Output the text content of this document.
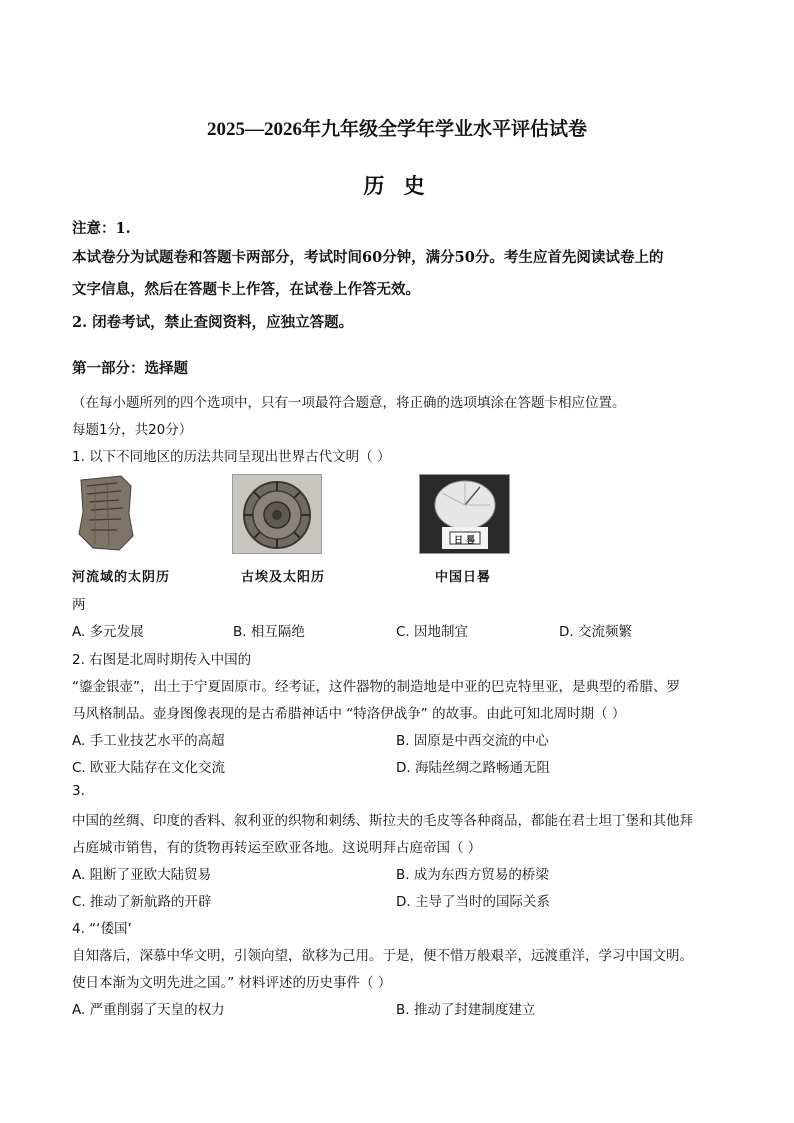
2025—2026年九年级全学年学业水平评估试卷
历 史
注意：1.
本试卷分为试题卷和答题卡两部分，考试时间60分钟，满分50分。考生应首先阅读试卷上的
文字信息，然后在答题卡上作答，在试卷上作答无效。
2. 闭卷考试，禁止查阅资料，应独立答题。
第一部分：选择题
（在每小题所列的四个选项中，只有一项最符合题意，将正确的选项填涂在答题卡相应位置。
每题1分，共20分）
1. 以下不同地区的历法共同呈现出世界古代文明（ ）
日 晷
河流域的太阴历	古埃及太阳历	中国日晷
两
A. 多元发展	B. 相互隔绝	C. 因地制宜	D. 交流频繁
2. 右图是北周时期传入中国的
“鎏金银壶”，出土于宁夏固原市。经考证，这件器物的制造地是中亚的巴克特里亚，是典型的希腊、罗
马风格制品。壶身图像表现的是古希腊神话中 “特洛伊战争” 的故事。由此可知北周时期（ ）
A. 手工业技艺水平的高超	B. 固原是中西交流的中心
C. 欧亚大陆存在文化交流	D. 海陆丝绸之路畅通无阻
3.
中国的丝绸、印度的香料、叙利亚的织物和刺绣、斯拉夫的毛皮等各种商品，都能在君士坦丁堡和其他拜
占庭城市销售，有的货物再转运至欧亚各地。这说明拜占庭帝国（ ）
A. 阻断了亚欧大陆贸易	B. 成为东西方贸易的桥梁
C. 推动了新航路的开辟	D. 主导了当时的国际关系
4. “‘倭国’
自知落后，深慕中华文明，引领向望，欲移为己用。于是，便不惜万般艰辛，远渡重洋，学习中国文明。
使日本渐为文明先进之国。” 材料评述的历史事件（ ）
A. 严重削弱了天皇的权力	B. 推动了封建制度建立
